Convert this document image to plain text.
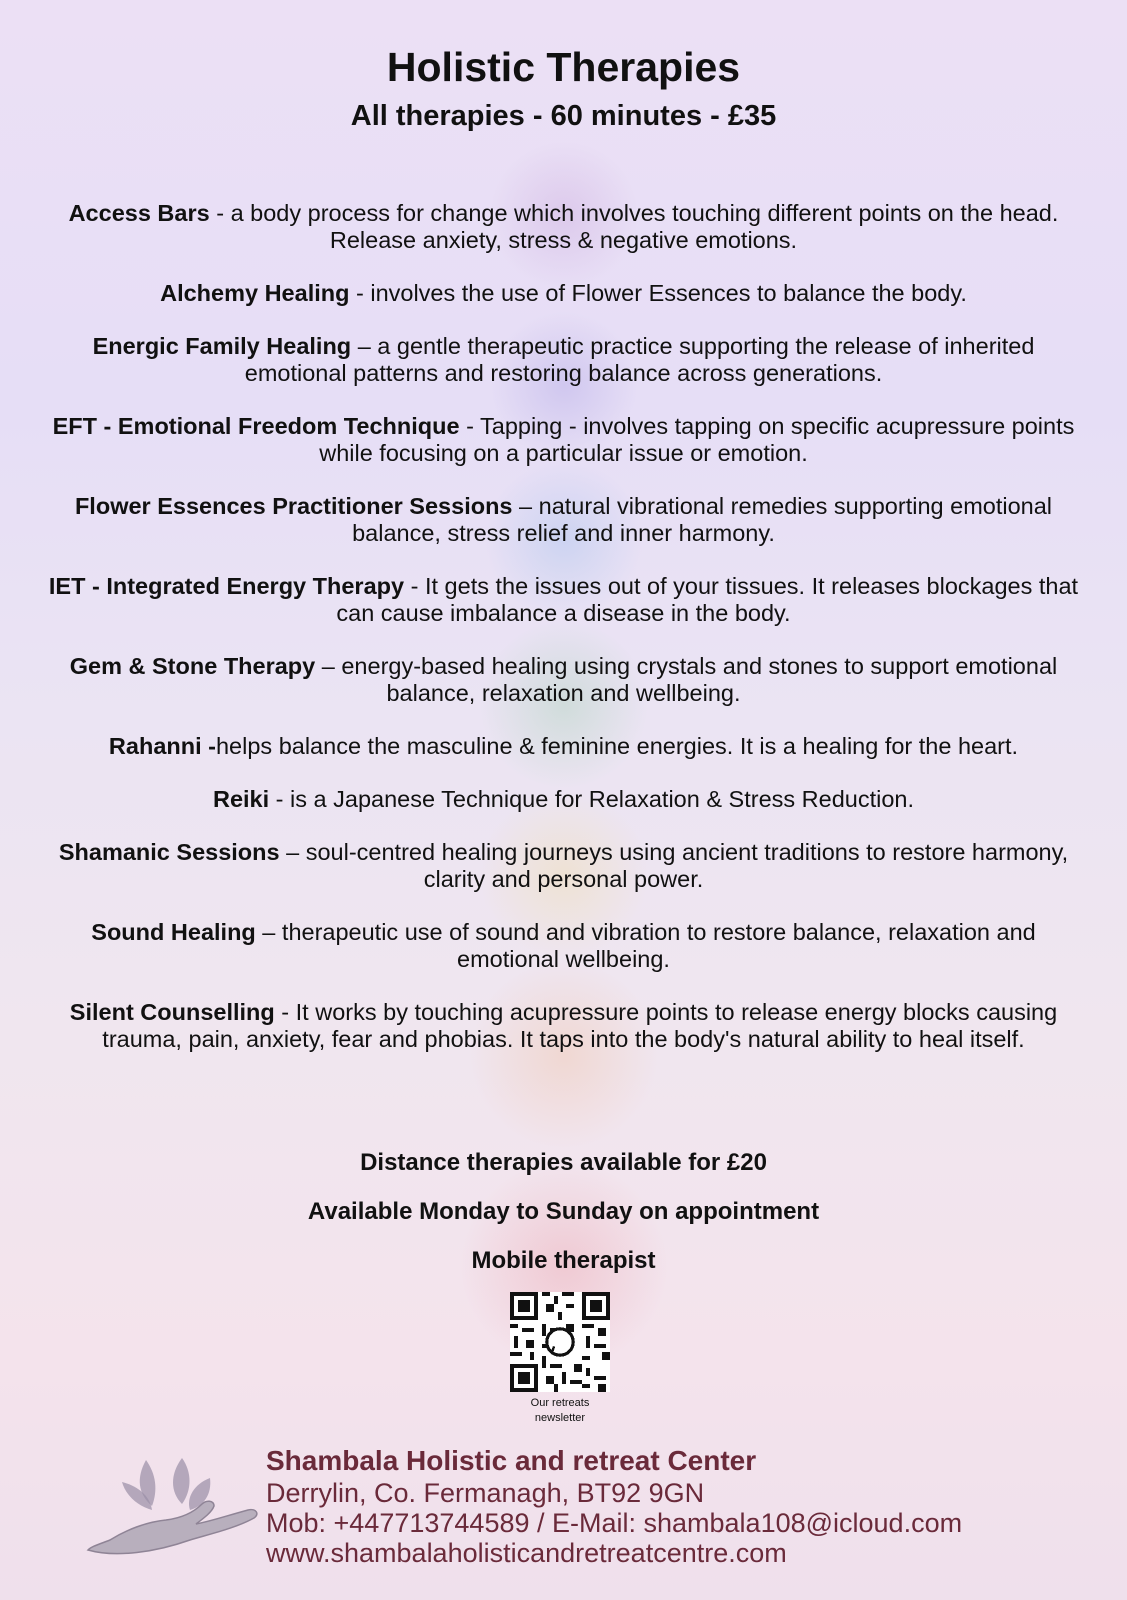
Holistic Therapies
All therapies - 60 minutes - £35
Access Bars - a body process for change which involves touching different points on the head. Release anxiety, stress & negative emotions.
Alchemy Healing - involves the use of Flower Essences to balance the body.
Energic Family Healing – a gentle therapeutic practice supporting the release of inherited emotional patterns and restoring balance across generations.
EFT - Emotional Freedom Technique - Tapping - involves tapping on specific acupressure points while focusing on a particular issue or emotion.
Flower Essences Practitioner Sessions – natural vibrational remedies supporting emotional balance, stress relief and inner harmony.
IET - Integrated Energy Therapy - It gets the issues out of your tissues. It releases blockages that can cause imbalance a disease in the body.
Gem & Stone Therapy – energy-based healing using crystals and stones to support emotional balance, relaxation and wellbeing.
Rahanni -helps balance the masculine & feminine energies. It is a healing for the heart.
Reiki - is a Japanese Technique for Relaxation & Stress Reduction.
Shamanic Sessions – soul-centred healing journeys using ancient traditions to restore harmony, clarity and personal power.
Sound Healing – therapeutic use of sound and vibration to restore balance, relaxation and emotional wellbeing.
Silent Counselling - It works by touching acupressure points to release energy blocks causing trauma, pain, anxiety, fear and phobias. It taps into the body's natural ability to heal itself.
Distance therapies available for £20
Available Monday to Sunday on appointment
Mobile therapist
Our retreats
newsletter
Shambala Holistic and retreat Center
Derrylin, Co. Fermanagh, BT92 9GN
Mob: +447713744589 / E-Mail: shambala108@icloud.com
www.shambalaholisticandretreatcentre.com
